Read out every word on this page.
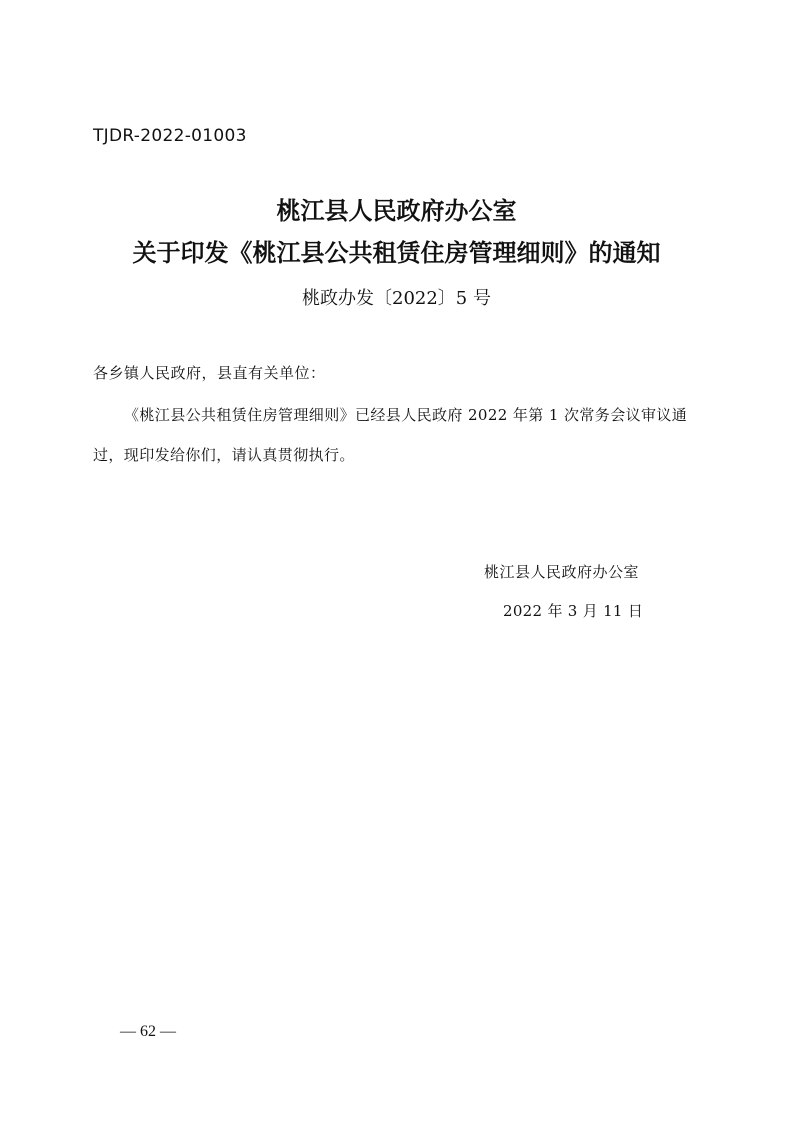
TJDR-2022-01003
桃江县人民政府办公室
关于印发《桃江县公共租赁住房管理细则》的通知
桃政办发〔2022〕5 号
各乡镇人民政府，县直有关单位：
《桃江县公共租赁住房管理细则》已经县人民政府 2022 年第 1 次常务会议审议通
过，现印发给你们，请认真贯彻执行。
桃江县人民政府办公室
2022 年 3 月 11 日
— 62 —
